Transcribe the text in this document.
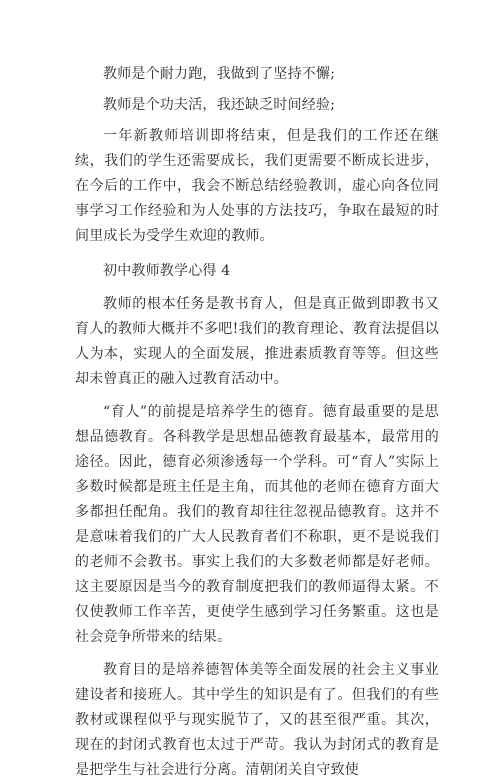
教师是个耐力跑，我做到了坚持不懈;

教师是个功夫活，我还缺乏时间经验;

一年新教师培训即将结束，但是我们的工作还在继续，我们的学生还需要成长，我们更需要不断成长进步，在今后的工作中，我会不断总结经验教训，虚心向各位同事学习工作经验和为人处事的方法技巧，争取在最短的时间里成长为受学生欢迎的教师。

初中教师教学心得 4

教师的根本任务是教书育人，但是真正做到即教书又育人的教师大概并不多吧!我们的教育理论、教育法提倡以人为本，实现人的全面发展，推进素质教育等等。但这些却未曾真正的融入过教育活动中。

“育人”的前提是培养学生的德育。德育最重要的是思想品德教育。各科教学是思想品德教育最基本，最常用的途径。因此，德育必须渗透每一个学科。可“育人”实际上多数时候都是班主任是主角，而其他的老师在德育方面大多都担任配角。我们的教育却往往忽视品德教育。这并不是意味着我们的广大人民教育者们不称职，更不是说我们的老师不会教书。事实上我们的大多数老师都是好老师。这主要原因是当今的教育制度把我们的教师逼得太紧。不仅使教师工作辛苦，更使学生感到学习任务繁重。这也是社会竞争所带来的结果。

教育目的是培养德智体美等全面发展的社会主义事业建设者和接班人。其中学生的知识是有了。但我们的有些教材或课程似乎与现实脱节了，又的甚至很严重。其次，现在的封闭式教育也太过于严苛。我认为封闭式的教育是是把学生与社会进行分离。清朝闭关自守致使
